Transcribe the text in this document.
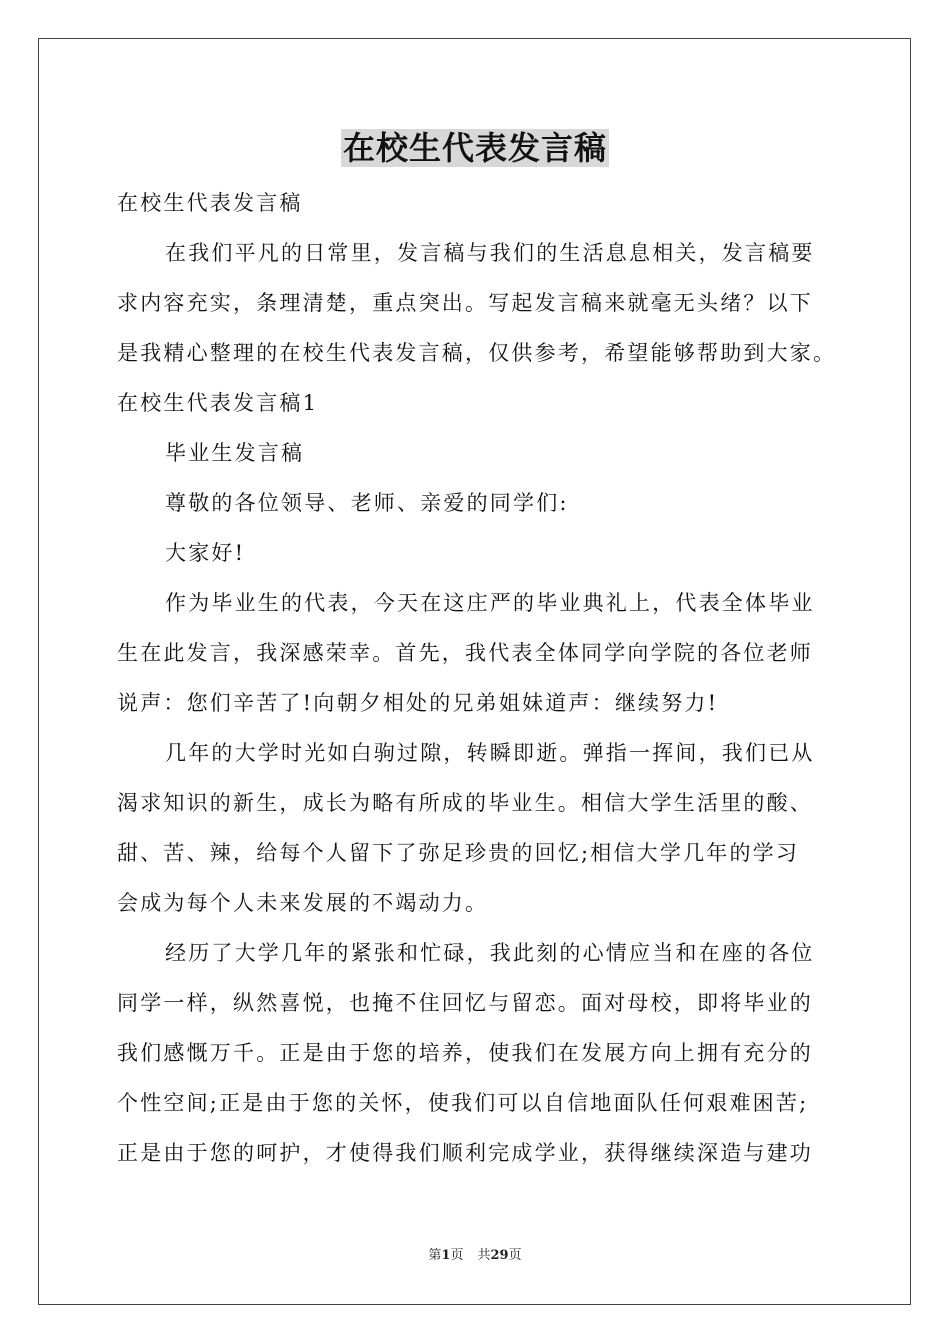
在校生代表发言稿
在校生代表发言稿
在我们平凡的日常里，发言稿与我们的生活息息相关，发言稿要
求内容充实，条理清楚，重点突出。写起发言稿来就毫无头绪？以下
是我精心整理的在校生代表发言稿，仅供参考，希望能够帮助到大家。
在校生代表发言稿1
毕业生发言稿
尊敬的各位领导、老师、亲爱的同学们:
大家好!
作为毕业生的代表，今天在这庄严的毕业典礼上，代表全体毕业
生在此发言，我深感荣幸。首先，我代表全体同学向学院的各位老师
说声：您们辛苦了!向朝夕相处的兄弟姐妹道声：继续努力!
几年的大学时光如白驹过隙，转瞬即逝。弹指一挥间，我们已从
渴求知识的新生，成长为略有所成的毕业生。相信大学生活里的酸、
甜、苦、辣，给每个人留下了弥足珍贵的回忆;相信大学几年的学习
会成为每个人未来发展的不竭动力。
经历了大学几年的紧张和忙碌，我此刻的心情应当和在座的各位
同学一样，纵然喜悦，也掩不住回忆与留恋。面对母校，即将毕业的
我们感慨万千。正是由于您的培养，使我们在发展方向上拥有充分的
个性空间;正是由于您的关怀，使我们可以自信地面队任何艰难困苦;
正是由于您的呵护，才使得我们顺利完成学业，获得继续深造与建功
第1页 共29页
